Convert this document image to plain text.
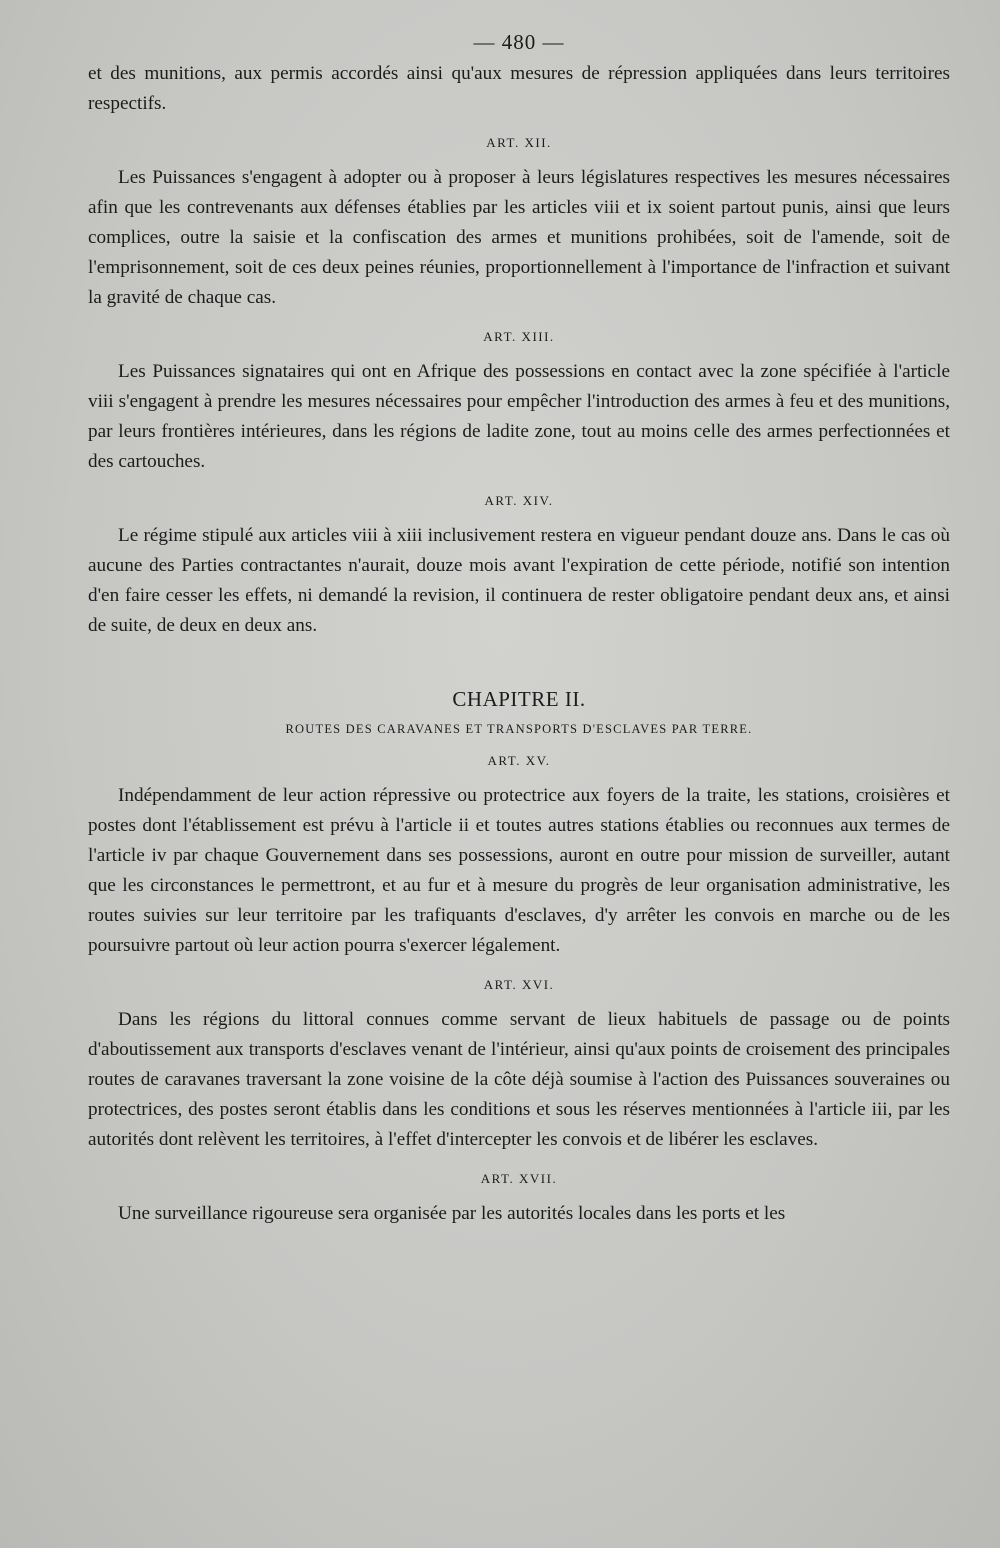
— 480 —

et des munitions, aux permis accordés ainsi qu'aux mesures de répression appliquées dans leurs territoires respectifs.

ART. XII.

Les Puissances s'engagent à adopter ou à proposer à leurs législatures respectives les mesures nécessaires afin que les contrevenants aux défenses établies par les articles viii et ix soient partout punis, ainsi que leurs complices, outre la saisie et la confiscation des armes et munitions prohibées, soit de l'amende, soit de l'emprisonnement, soit de ces deux peines réunies, proportionnellement à l'importance de l'infraction et suivant la gravité de chaque cas.

ART. XIII.

Les Puissances signataires qui ont en Afrique des possessions en contact avec la zone spécifiée à l'article viii s'engagent à prendre les mesures nécessaires pour empêcher l'introduction des armes à feu et des munitions, par leurs frontières intérieures, dans les régions de ladite zone, tout au moins celle des armes perfectionnées et des cartouches.

ART. XIV.

Le régime stipulé aux articles viii à xiii inclusivement restera en vigueur pendant douze ans. Dans le cas où aucune des Parties contractantes n'aurait, douze mois avant l'expiration de cette période, notifié son intention d'en faire cesser les effets, ni demandé la revision, il continuera de rester obligatoire pendant deux ans, et ainsi de suite, de deux en deux ans.

CHAPITRE II.
ROUTES DES CARAVANES ET TRANSPORTS D'ESCLAVES PAR TERRE.
ART. XV.

Indépendamment de leur action répressive ou protectrice aux foyers de la traite, les stations, croisières et postes dont l'établissement est prévu à l'article ii et toutes autres stations établies ou reconnues aux termes de l'article iv par chaque Gouvernement dans ses possessions, auront en outre pour mission de surveiller, autant que les circonstances le permettront, et au fur et à mesure du progrès de leur organisation administrative, les routes suivies sur leur territoire par les trafiquants d'esclaves, d'y arrêter les convois en marche ou de les poursuivre partout où leur action pourra s'exercer légalement.

ART. XVI.

Dans les régions du littoral connues comme servant de lieux habituels de passage ou de points d'aboutissement aux transports d'esclaves venant de l'intérieur, ainsi qu'aux points de croisement des principales routes de caravanes traversant la zone voisine de la côte déjà soumise à l'action des Puissances souveraines ou protectrices, des postes seront établis dans les conditions et sous les réserves mentionnées à l'article iii, par les autorités dont relèvent les territoires, à l'effet d'intercepter les convois et de libérer les esclaves.

ART. XVII.

Une surveillance rigoureuse sera organisée par les autorités locales dans les ports et les
